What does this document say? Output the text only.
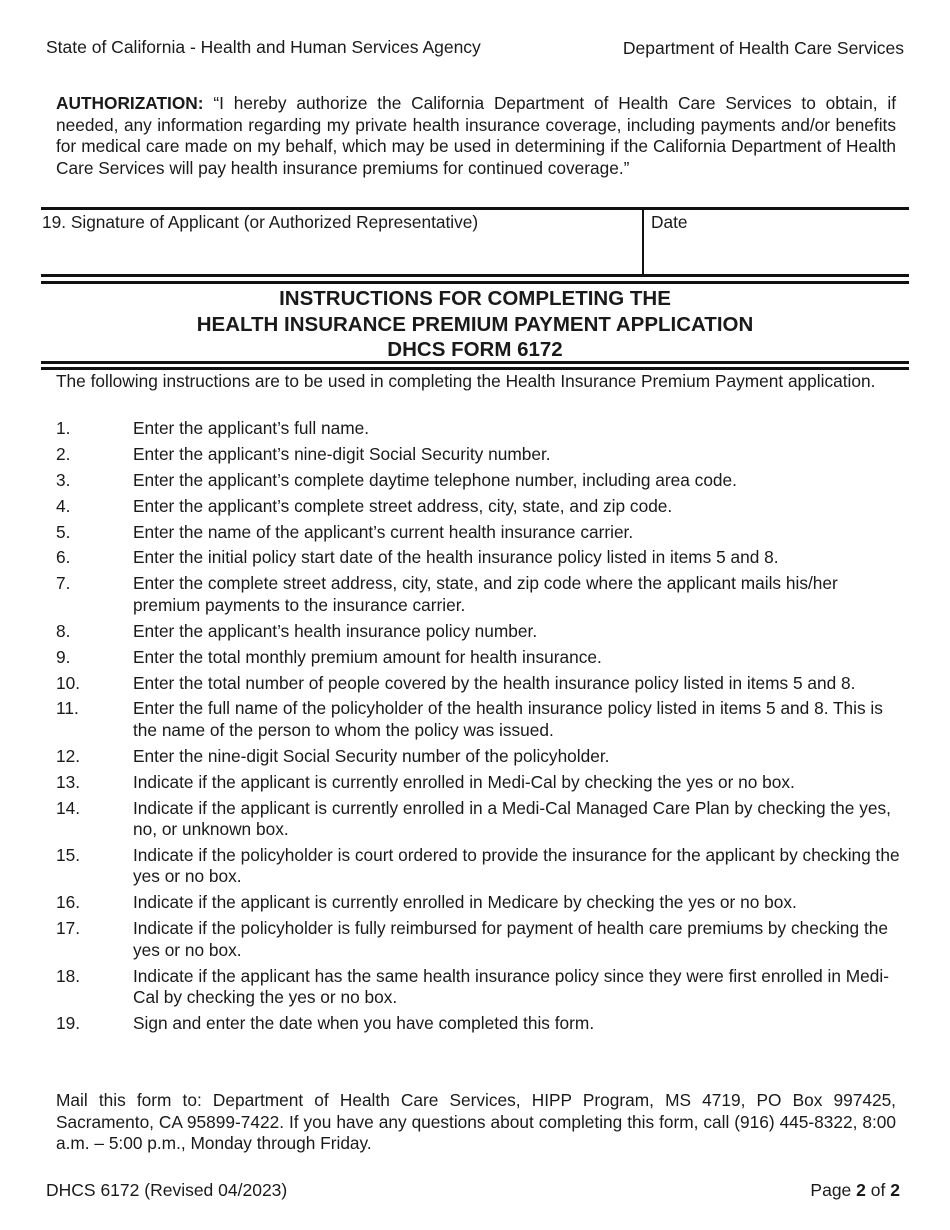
State of California - Health and Human Services Agency	Department of Health Care Services
AUTHORIZATION: “I hereby authorize the California Department of Health Care Services to obtain, if needed, any information regarding my private health insurance coverage, including payments and/or benefits for medical care made on my behalf, which may be used in determining if the California Department of Health Care Services will pay health insurance premiums for continued coverage.”
19. Signature of Applicant (or Authorized Representative)	Date
INSTRUCTIONS FOR COMPLETING THE
HEALTH INSURANCE PREMIUM PAYMENT APPLICATION
DHCS FORM 6172
The following instructions are to be used in completing the Health Insurance Premium Payment application.
1.	Enter the applicant’s full name.
2.	Enter the applicant’s nine-digit Social Security number.
3.	Enter the applicant’s complete daytime telephone number, including area code.
4.	Enter the applicant’s complete street address, city, state, and zip code.
5.	Enter the name of the applicant’s current health insurance carrier.
6.	Enter the initial policy start date of the health insurance policy listed in items 5 and 8.
7.	Enter the complete street address, city, state, and zip code where the applicant mails his/her premium payments to the insurance carrier.
8.	Enter the applicant’s health insurance policy number.
9.	Enter the total monthly premium amount for health insurance.
10.	Enter the total number of people covered by the health insurance policy listed in items 5 and 8.
11.	Enter the full name of the policyholder of the health insurance policy listed in items 5 and 8. This is the name of the person to whom the policy was issued.
12.	Enter the nine-digit Social Security number of the policyholder.
13.	Indicate if the applicant is currently enrolled in Medi-Cal by checking the yes or no box.
14.	Indicate if the applicant is currently enrolled in a Medi-Cal Managed Care Plan by checking the yes, no, or unknown box.
15.	Indicate if the policyholder is court ordered to provide the insurance for the applicant by checking the yes or no box.
16.	Indicate if the applicant is currently enrolled in Medicare by checking the yes or no box.
17.	Indicate if the policyholder is fully reimbursed for payment of health care premiums by checking the yes or no box.
18.	Indicate if the applicant has the same health insurance policy since they were first enrolled in Medi-Cal by checking the yes or no box.
19.	Sign and enter the date when you have completed this form.
Mail this form to: Department of Health Care Services, HIPP Program, MS 4719, PO Box 997425, Sacramento, CA 95899-7422. If you have any questions about completing this form, call (916) 445-8322, 8:00 a.m. – 5:00 p.m., Monday through Friday.
DHCS 6172 (Revised 04/2023)	Page 2 of 2
